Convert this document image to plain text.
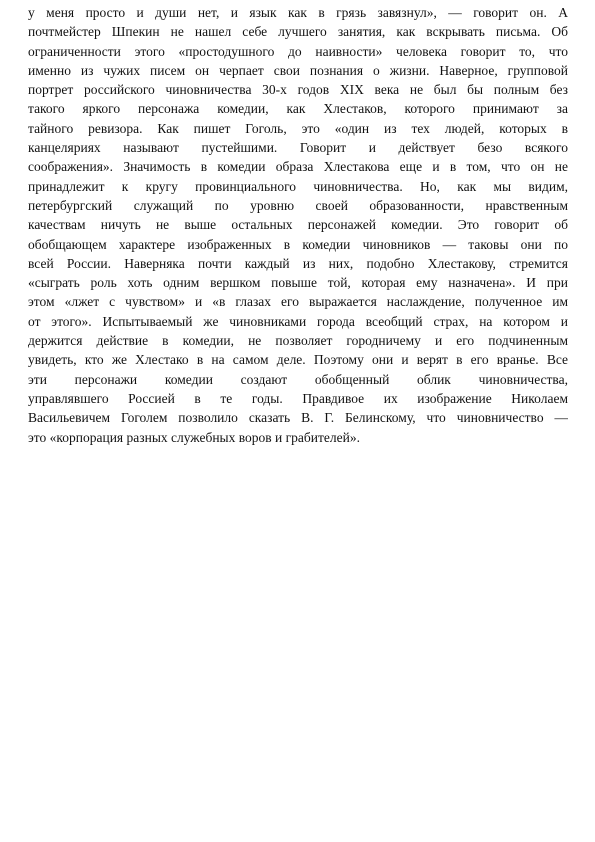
у меня просто и души нет, и язык как в грязь завязнул», — говорит он. А
почтмейстер Шпекин не нашел себе лучшего занятия, как вскрывать письма. Об
ограниченности этого «простодушного до наивности» человека говорит то, что
именно из чужих писем он черпает свои познания о жизни. Наверное, групповой
портрет российского чиновничества 30-х годов XIX века не был бы полным без
такого яркого персонажа комедии, как Хлестаков, которого принимают за
тайного ревизора. Как пишет Гоголь, это «один из тех людей, которых в
канцеляриях называют пустейшими. Говорит и действует безо всякого
соображения». Значимость в комедии образа Хлестакова еще и в том, что он не
принадлежит к кругу провинциального чиновничества. Но, как мы видим,
петербургский служащий по уровню своей образованности, нравственным
качествам ничуть не выше остальных персонажей комедии. Это говорит об
обобщающем характере изображенных в комедии чиновников — таковы они по
всей России. Наверняка почти каждый из них, подобно Хлестакову, стремится
«сыграть роль хоть одним вершком повыше той, которая ему назначена». И при
этом «лжет с чувством» и «в глазах его выражается наслаждение, полученное им
от этого». Испытываемый же чиновниками города всеобщий страх, на котором и
держится действие в комедии, не позволяет городничему и его подчиненным
увидеть, кто же Хлестако в на самом деле. Поэтому они и верят в его вранье. Все
эти персонажи комедии создают обобщенный облик чиновничества,
управлявшего Россией в те годы. Правдивое их изображение Николаем
Васильевичем Гоголем позволило сказать В. Г. Белинскому, что чиновничество —
это «корпорация разных служебных воров и грабителей».
